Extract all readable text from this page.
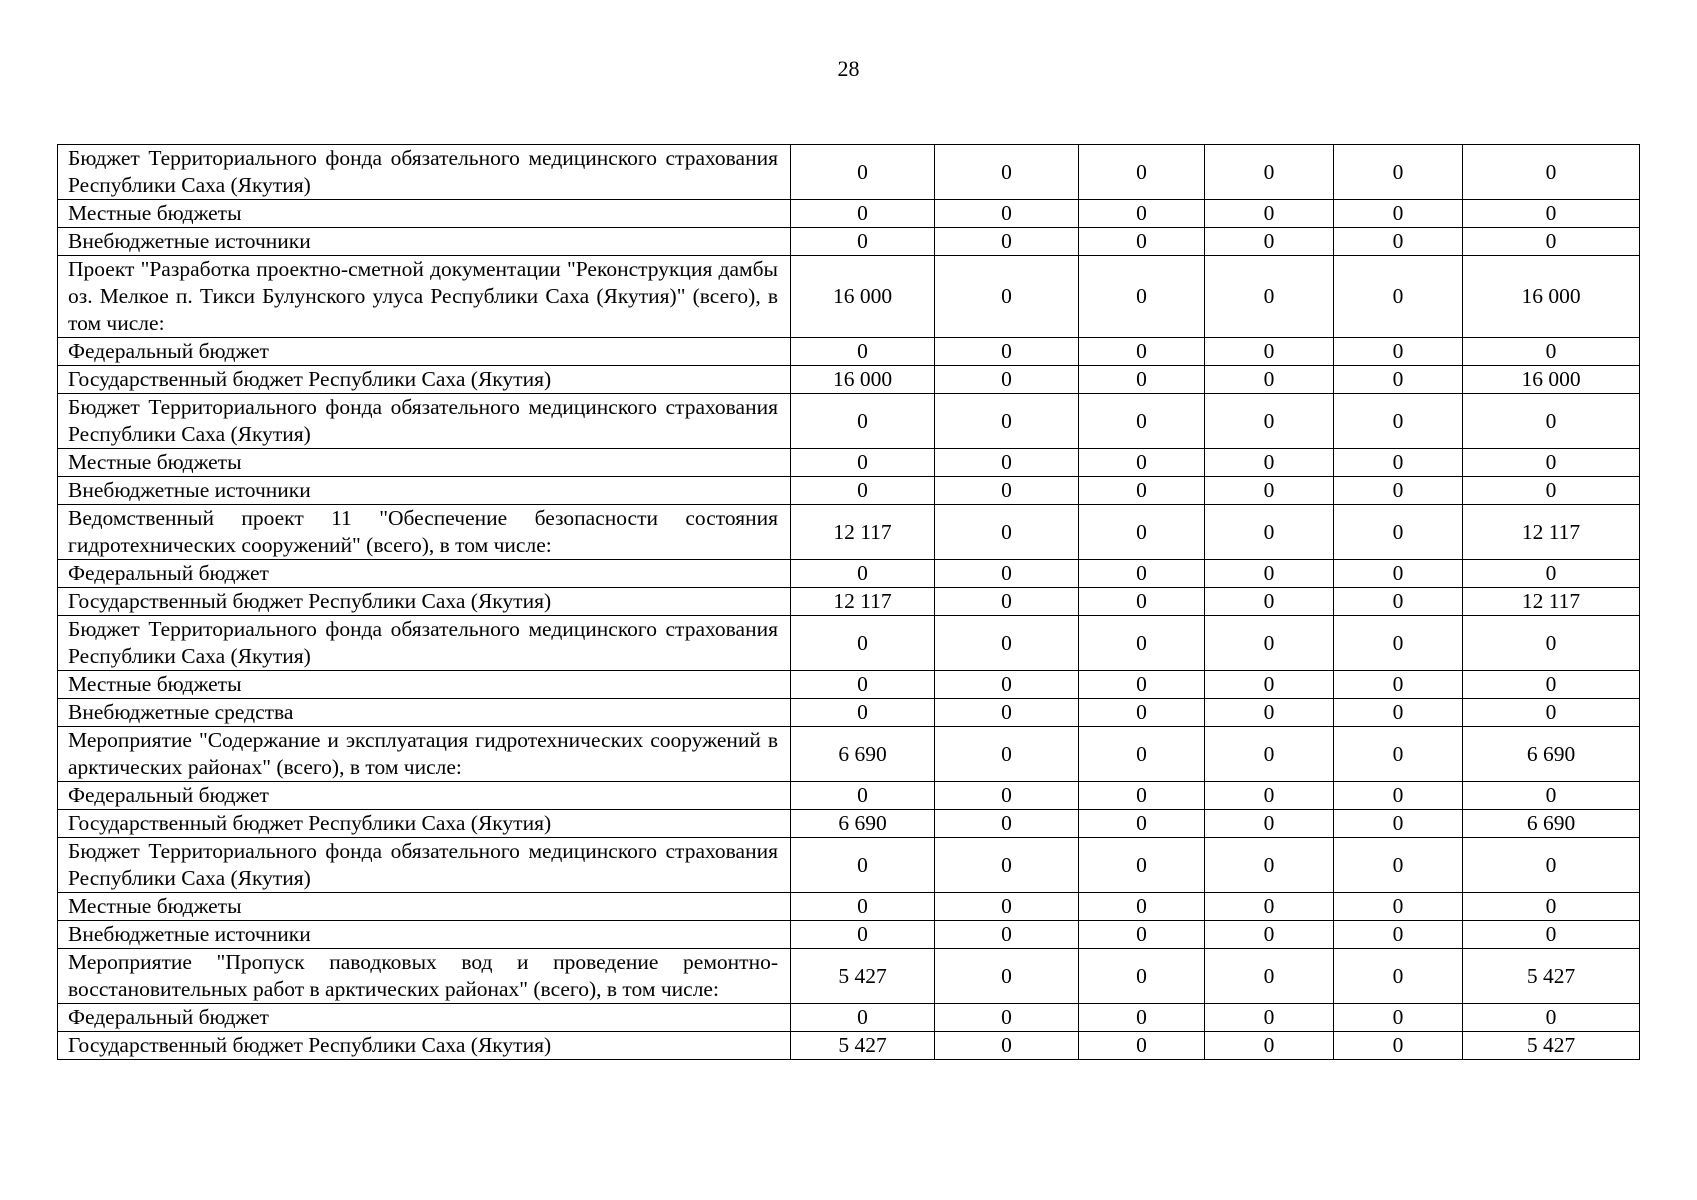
28
Бюджет Территориального фонда обязательного медицинского страхования Республики Саха (Якутия)	0	0	0	0	0	0
Местные бюджеты	0	0	0	0	0	0
Внебюджетные источники	0	0	0	0	0	0
Проект "Разработка проектно-сметной документации "Реконструкция дамбы оз. Мелкое п. Тикси Булунского улуса Республики Саха (Якутия)" (всего), в том числе:	16 000	0	0	0	0	16 000
Федеральный бюджет	0	0	0	0	0	0
Государственный бюджет Республики Саха (Якутия)	16 000	0	0	0	0	16 000
Бюджет Территориального фонда обязательного медицинского страхования Республики Саха (Якутия)	0	0	0	0	0	0
Местные бюджеты	0	0	0	0	0	0
Внебюджетные источники	0	0	0	0	0	0
Ведомственный проект 11 "Обеспечение безопасности состояния гидротехнических сооружений" (всего), в том числе:	12 117	0	0	0	0	12 117
Федеральный бюджет	0	0	0	0	0	0
Государственный бюджет Республики Саха (Якутия)	12 117	0	0	0	0	12 117
Бюджет Территориального фонда обязательного медицинского страхования Республики Саха (Якутия)	0	0	0	0	0	0
Местные бюджеты	0	0	0	0	0	0
Внебюджетные средства	0	0	0	0	0	0
Мероприятие "Содержание и эксплуатация гидротехнических сооружений в арктических районах" (всего), в том числе:	6 690	0	0	0	0	6 690
Федеральный бюджет	0	0	0	0	0	0
Государственный бюджет Республики Саха (Якутия)	6 690	0	0	0	0	6 690
Бюджет Территориального фонда обязательного медицинского страхования Республики Саха (Якутия)	0	0	0	0	0	0
Местные бюджеты	0	0	0	0	0	0
Внебюджетные источники	0	0	0	0	0	0
Мероприятие "Пропуск паводковых вод и проведение ремонтно-восстановительных работ в арктических районах" (всего), в том числе:	5 427	0	0	0	0	5 427
Федеральный бюджет	0	0	0	0	0	0
Государственный бюджет Республики Саха (Якутия)	5 427	0	0	0	0	5 427
